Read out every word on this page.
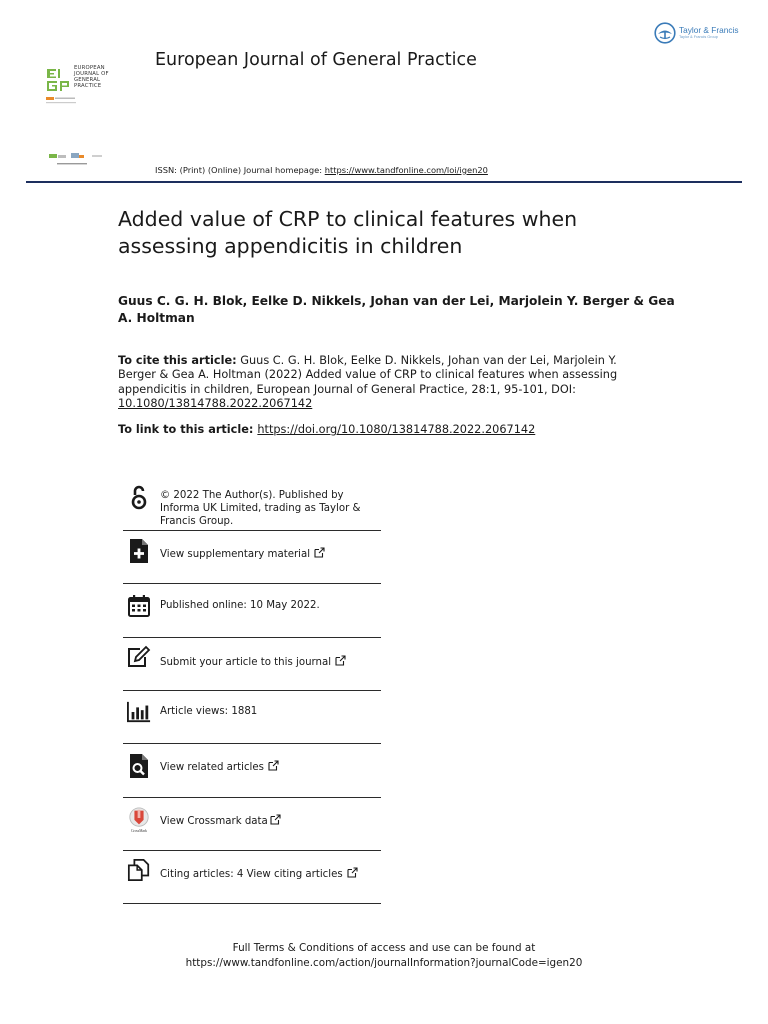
EUROPEAN
JOURNAL OF
GENERAL
PRACTICE
European Journal of General Practice
Taylor & Francis
Taylor & Francis Group
ISSN: (Print) (Online) Journal homepage: https://www.tandfonline.com/loi/igen20
Added value of CRP to clinical features when assessing appendicitis in children
Guus C. G. H. Blok, Eelke D. Nikkels, Johan van der Lei, Marjolein Y. Berger & Gea A. Holtman
To cite this article: Guus C. G. H. Blok, Eelke D. Nikkels, Johan van der Lei, Marjolein Y. Berger & Gea A. Holtman (2022) Added value of CRP to clinical features when assessing appendicitis in children, European Journal of General Practice, 28:1, 95-101, DOI: 10.1080/13814788.2022.2067142
To link to this article: https://doi.org/10.1080/13814788.2022.2067142
© 2022 The Author(s). Published by Informa UK Limited, trading as Taylor & Francis Group.
View supplementary material
Published online: 10 May 2022.
Submit your article to this journal
Article views: 1881
View related articles
CrossMark
View Crossmark data
Citing articles: 4 View citing articles
Full Terms & Conditions of access and use can be found at
https://www.tandfonline.com/action/journalInformation?journalCode=igen20
